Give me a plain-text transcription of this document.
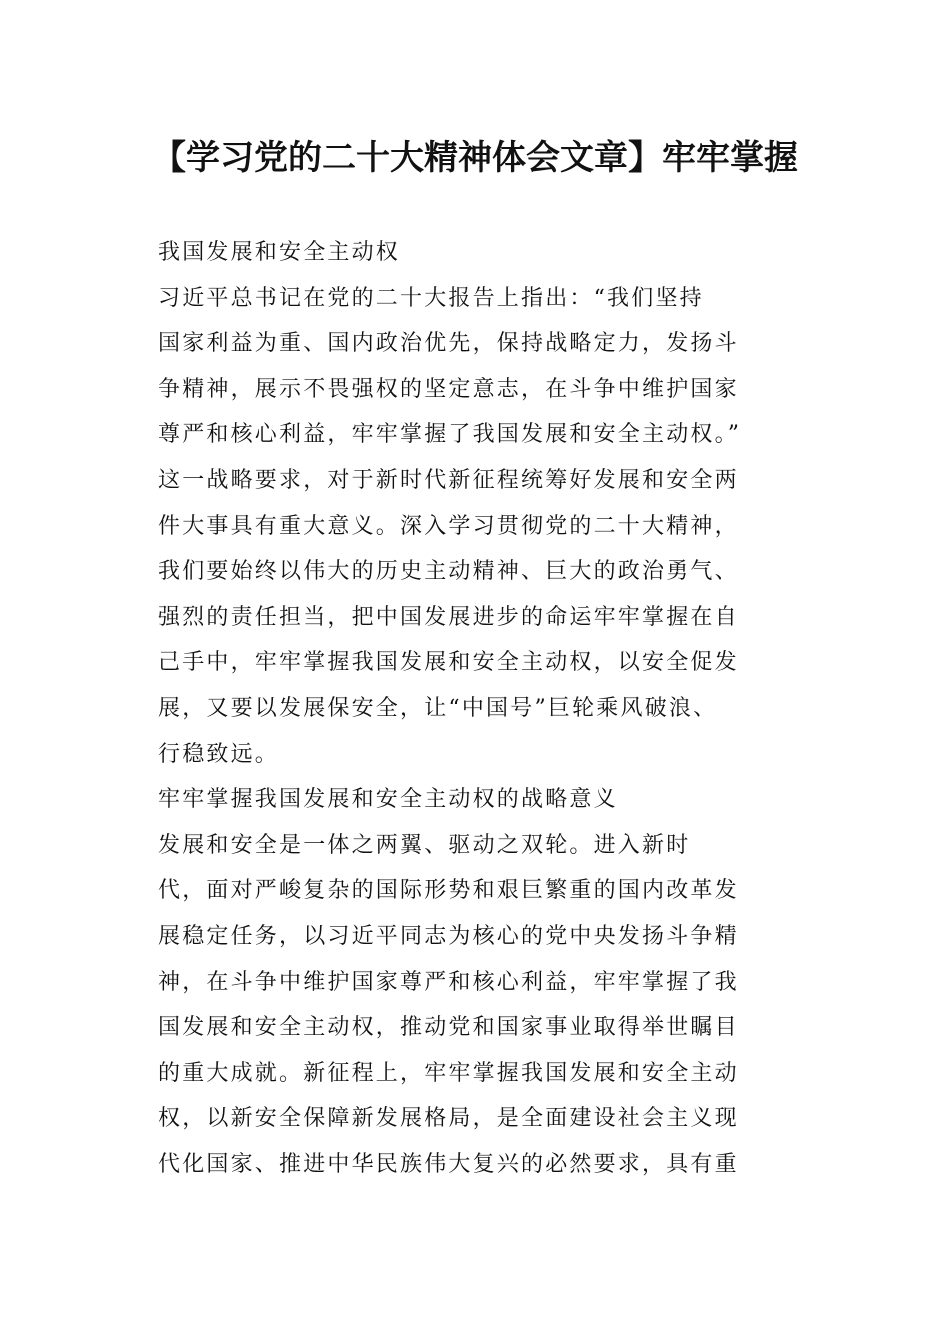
【学习党的二十大精神体会文章】牢牢掌握
我国发展和安全主动权
习近平总书记在党的二十大报告上指出：“我们坚持
国家利益为重、国内政治优先，保持战略定力，发扬斗
争精神，展示不畏强权的坚定意志，在斗争中维护国家
尊严和核心利益，牢牢掌握了我国发展和安全主动权。”
这一战略要求，对于新时代新征程统筹好发展和安全两
件大事具有重大意义。深入学习贯彻党的二十大精神，
我们要始终以伟大的历史主动精神、巨大的政治勇气、
强烈的责任担当，把中国发展进步的命运牢牢掌握在自
己手中，牢牢掌握我国发展和安全主动权，以安全促发
展，又要以发展保安全，让“中国号”巨轮乘风破浪、
行稳致远。
牢牢掌握我国发展和安全主动权的战略意义
发展和安全是一体之两翼、驱动之双轮。进入新时
代，面对严峻复杂的国际形势和艰巨繁重的国内改革发
展稳定任务，以习近平同志为核心的党中央发扬斗争精
神，在斗争中维护国家尊严和核心利益，牢牢掌握了我
国发展和安全主动权，推动党和国家事业取得举世瞩目
的重大成就。新征程上，牢牢掌握我国发展和安全主动
权，以新安全保障新发展格局，是全面建设社会主义现
代化国家、推进中华民族伟大复兴的必然要求，具有重
